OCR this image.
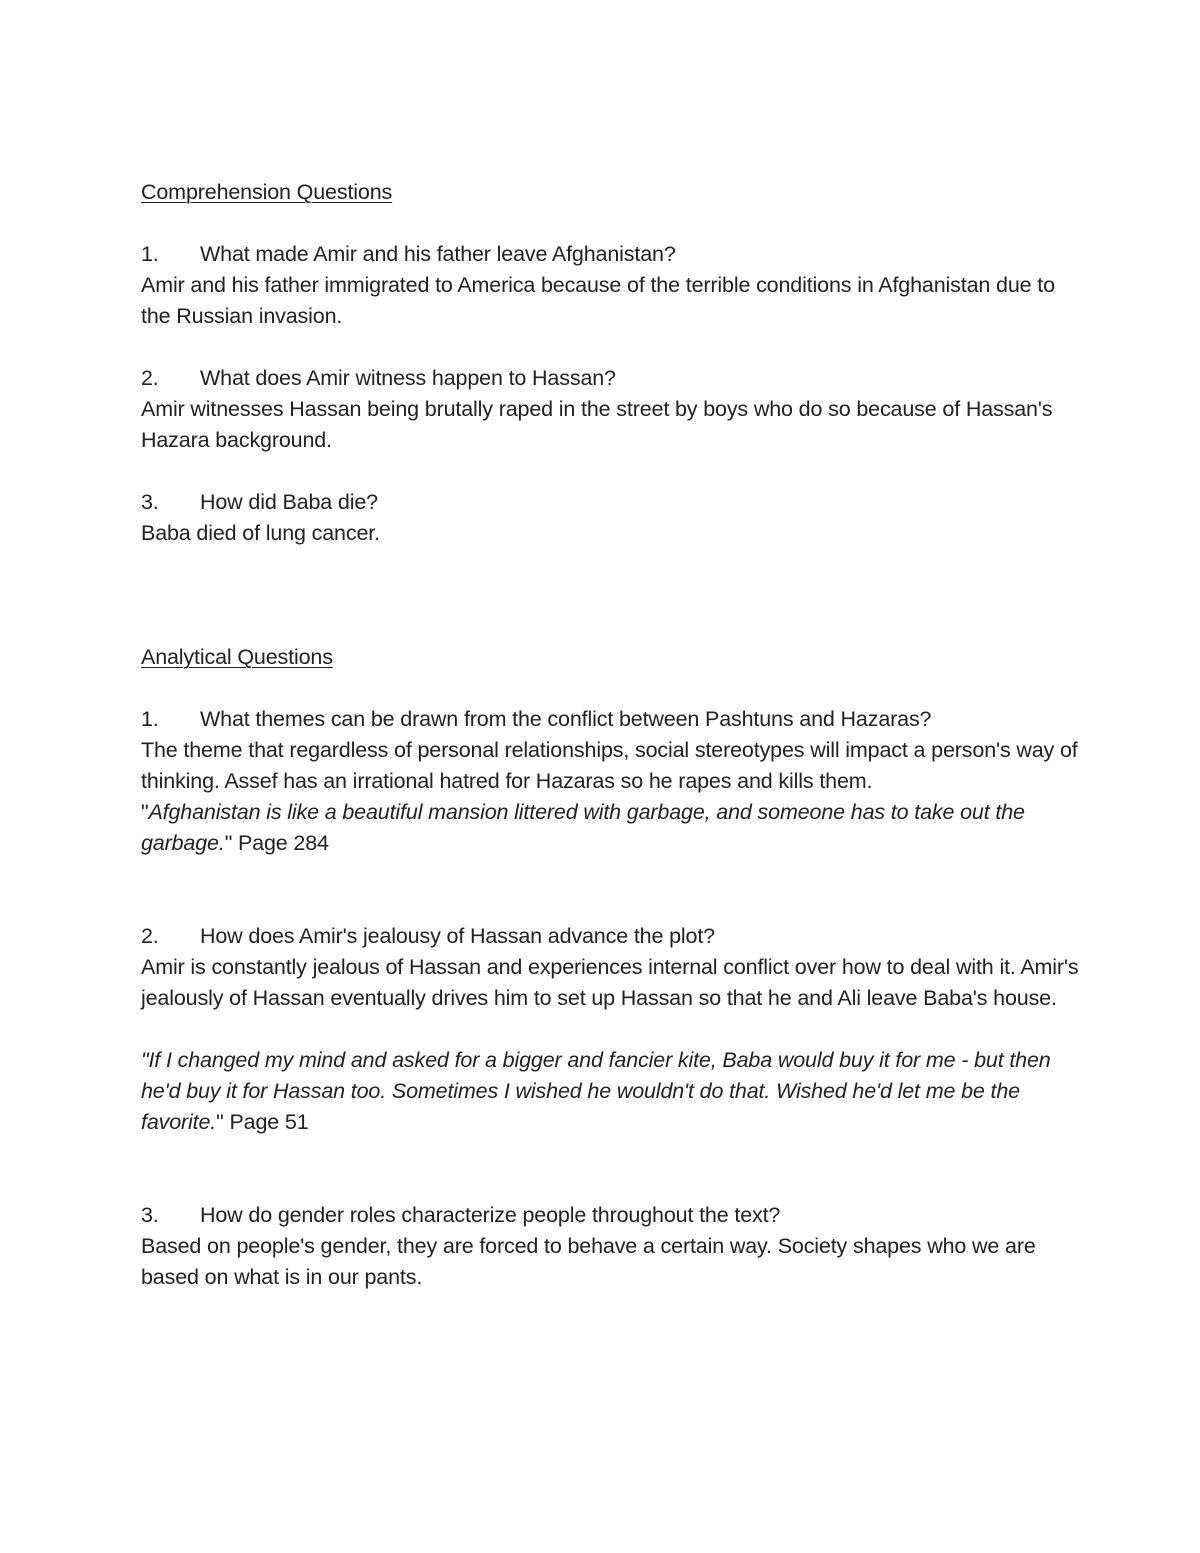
Comprehension Questions

1.	What made Amir and his father leave Afghanistan?

Amir and his father immigrated to America because of the terrible conditions in Afghanistan due to the Russian invasion.

2.	What does Amir witness happen to Hassan?

Amir witnesses Hassan being brutally raped in the street by boys who do so because of Hassan's Hazara background.

3.	How did Baba die?

Baba died of lung cancer.

Analytical Questions

1.	What themes can be drawn from the conflict between Pashtuns and Hazaras?

The theme that regardless of personal relationships, social stereotypes will impact a person's way of thinking. Assef has an irrational hatred for Hazaras so he rapes and kills them.

"Afghanistan is like a beautiful mansion littered with garbage, and someone has to take out the garbage." Page 284

2.	How does Amir's jealousy of Hassan advance the plot?

Amir is constantly jealous of Hassan and experiences internal conflict over how to deal with it. Amir's jealously of Hassan eventually drives him to set up Hassan so that he and Ali leave Baba's house.

"If I changed my mind and asked for a bigger and fancier kite, Baba would buy it for me - but then he'd buy it for Hassan too. Sometimes I wished he wouldn't do that. Wished he'd let me be the favorite." Page 51

3.	How do gender roles characterize people throughout the text?

Based on people's gender, they are forced to behave a certain way. Society shapes who we are based on what is in our pants.
